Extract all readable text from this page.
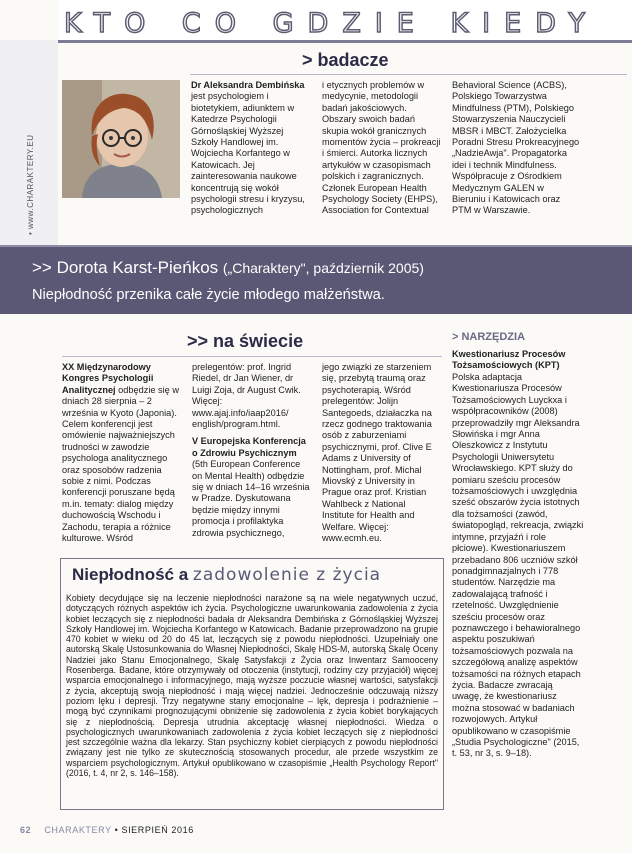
KTO CO GDZIE KIEDY
• www.CHARAKTERY.EU
> badacze
Dr Aleksandra Dembińska jest psychologiem i biotetykiem, adiunktem w Katedrze Psychologii Górnośląskiej Wyższej Szkoły Handlowej im. Wojciecha Korfantego w Katowicach. Jej zainteresowania naukowe koncentrują się wokół psychologii stresu i kryzysu, psychologicznych
i etycznych problemów w medycynie, metodologii badań jakościowych. Obszary swoich badań skupia wokół granicznych momentów życia – prokreacji i śmierci. Autorka licznych artykułów w czasopismach polskich i zagranicznych. Członek European Health Psychology Society (EHPS), Association for Contextual
Behavioral Science (ACBS), Polskiego Towarzystwa Mindfulness (PTM), Polskiego Stowarzyszenia Nauczycieli MBSR i MBCT. Założycielka Poradni Stresu Prokreacyjnego „NadzieAwja". Propagatorka idei i technik Mindfulness. Współpracuje z Ośrodkiem Medycznym GALEN w Bieruniu i Katowicach oraz PTM w Warszawie.
>> Dorota Karst-Pieńkos („Charaktery", październik 2005)
Niepłodność przenika całe życie młodego małżeństwa.
>> na świecie
XX Międzynarodowy Kongres Psychologii Analitycznej odbędzie się w dniach 28 sierpnia – 2 września w Kyoto (Japonia). Celem konferencji jest omówienie najważniejszych trudności w zawodzie psychologa analitycznego oraz sposobów radzenia sobie z nimi. Podczas konferencji poruszane będą m.in. tematy: dialog między duchowością Wschodu i Zachodu, terapia a różnice kulturowe. Wśród
prelegentów: prof. Ingrid Riedel, dr Jan Wiener, dr Luigi Zoja, dr August Cwik. Więcej: www.ajaj.info/iaap2016/ english/program.html.
V Europejska Konferencja o Zdrowiu Psychicznym (5th European Conference on Mental Health) odbędzie się w dniach 14–16 września w Pradze. Dyskutowana będzie między innymi promocja i profilaktyka zdrowia psychicznego,
jego związki ze starzeniem się, przebytą traumą oraz psychoterapią. Wśród prelegentów: Jolijn Santegoeds, działaczka na rzecz godnego traktowania osób z zaburzeniami psychicznymi, prof. Clive E Adams z University of Nottingham, prof. Michal Miovský z University in Prague oraz prof. Kristian Wahlbeck z National Institute for Health and Welfare. Więcej: www.ecmh.eu.
> NARZĘDZIA
Kwestionariusz Procesów Tożsamościowych (KPT)
Polska adaptacja Kwestionariusza Procesów Tożsamościowych Luyckxa i współpracowników (2008) przeprowadziły mgr Aleksandra Słowińska i mgr Anna Oleszkowicz z Instytutu Psychologii Uniwersytetu Wrocławskiego. KPT służy do pomiaru sześciu procesów tożsamościowych i uwzględnia sześć obszarów życia istotnych dla tożsamości (zawód, światopogląd, rekreacja, związki intymne, przyjaźń i role płciowe). Kwestionariuszem przebadano 806 uczniów szkół ponadgimnazjalnych i 778 studentów. Narzędzie ma zadowalającą trafność i rzetelność. Uwzględnienie sześciu procesów oraz poznawczego i behawioralnego aspektu poszukiwań tożsamościowych pozwala na szczegółową analizę aspektów tożsamości na różnych etapach życia. Badacze zwracają uwagę, że kwestionariusz można stosować w badaniach rozwojowych. Artykuł opublikowano w czasopiśmie „Studia Psychologiczne" (2015, t. 53, nr 3, s. 9–18).
Niepłodność a zadowolenie z życia
Kobiety decydujące się na leczenie niepłodności narażone są na wiele negatywnych uczuć, dotyczących różnych aspektów ich życia. Psychologiczne uwarunkowania zadowolenia z życia kobiet leczących się z niepłodności badała dr Aleksandra Dembińska z Górnośląskiej Wyższej Szkoły Handlowej im. Wojciecha Korfantego w Katowicach. Badanie przeprowadzono na grupie 470 kobiet w wieku od 20 do 45 lat, leczących się z powodu niepłodności. Uzupełniały one autorską Skalę Ustosunkowania do Własnej Niepłodności, Skalę HDS-M, autorską Skalę Oceny Nadziei jako Stanu Emocjonalnego, Skalę Satysfakcji z Życia oraz Inwentarz Samooceny Rosenberga. Badane, które otrzymywały od otoczenia (instytucji, rodziny czy przyjaciół) więcej wsparcia emocjonalnego i informacyjnego, mają wyższe poczucie własnej wartości, satysfakcji z życia, akceptują swoją niepłodność i mają więcej nadziei. Jednocześnie odczuwają niższy poziom lęku i depresji. Trzy negatywne stany emocjonalne – lęk, depresja i podrażnienie – mogą być czynnikami prognozującymi obniżenie się zadowolenia z życia kobiet borykających się z niepłodnością. Depresja utrudnia akceptację własnej niepłodności. Wiedza o psychologicznych uwarunkowaniach zadowolenia z życia kobiet leczących się z niepłodności jest szczególnie ważna dla lekarzy. Stan psychiczny kobiet cierpiących z powodu niepłodności związany jest nie tylko ze skutecznością stosowanych procedur, ale przede wszystkim ze wsparciem psychologicznym. Artykuł opublikowano w czasopiśmie „Health Psychology Report" (2016, t. 4, nr 2, s. 146–158).
62 CHARAKTERY • SIERPIEŃ 2016
